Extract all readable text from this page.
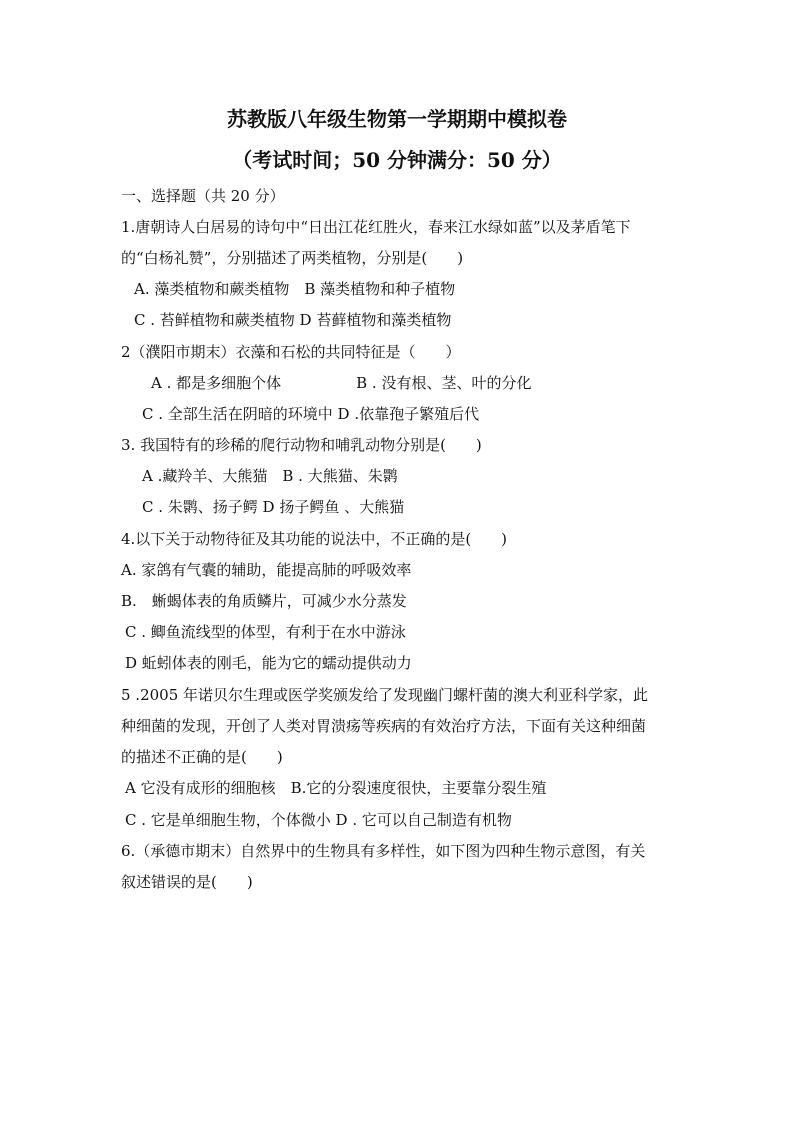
苏教版八年级生物第一学期期中模拟卷
（考试时间；50 分钟满分：50 分）
一、选择题（共 20 分）
1.唐朝诗人白居易的诗句中“日出江花红胜火，春来江水绿如蓝”以及茅盾笔下
的“白杨礼赞”，分别描述了两类植物，分别是(　　)
A. 藻类植物和蕨类植物　B 藻类植物和种子植物
C . 苔鲜植物和蕨类植物 D 苔藓植物和藻类植物
2（濮阳市期末）衣藻和石松的共同特征是（　　）
A . 都是多细胞个体　　　　　B . 没有根、茎、叶的分化
C . 全部生活在阴暗的环境中 D .依靠孢子繁殖后代
3. 我国特有的珍稀的爬行动物和哺乳动物分别是(　　)
A .藏羚羊、大熊猫　B . 大熊猫、朱鹮
C . 朱鹮、扬子鳄 D 扬子鳄鱼 、大熊猫
4.以下关于动物待征及其功能的说法中，不正确的是(　　)
A. 家鸽有气囊的辅助，能提高肺的呼吸效率
B.　蜥蝎体表的角质鳞片，可减少水分蒸发
C . 鲫鱼流线型的体型，有利于在水中游泳
D 蚯蚓体表的刚毛，能为它的蠕动提供动力
5 .2005 年诺贝尔生理或医学奖颁发给了发现幽门螺杆菌的澳大利亚科学家，此
种细菌的发现，开创了人类对胃溃疡等疾病的有效治疗方法，下面有关这种细菌
的描述不正确的是(　　)
A 它没有成形的细胞核　B.它的分裂速度很快，主要靠分裂生殖
C . 它是单细胞生物，个体微小 D . 它可以自己制造有机物
6.（承德市期末）自然界中的生物具有多样性，如下图为四种生物示意图，有关
叙述错误的是(　　)
